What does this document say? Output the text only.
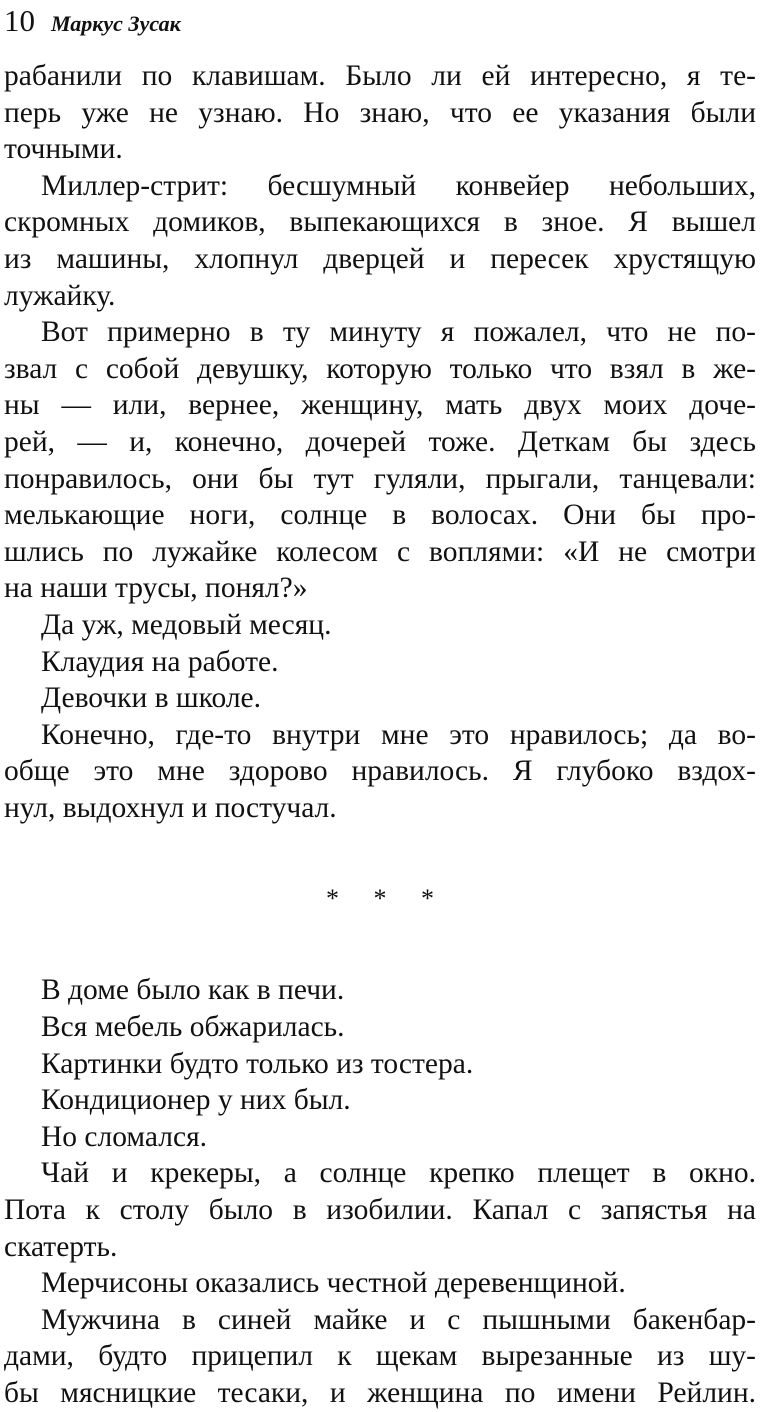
10 Маркус Зусак

рабанили по клавишам. Было ли ей интересно, я те-
перь уже не узнаю. Но знаю, что ее указания были
точными.

Миллер-стрит: бесшумный конвейер небольших,
скромных домиков, выпекающихся в зное. Я вышел
из машины, хлопнул дверцей и пересек хрустящую
лужайку.

Вот примерно в ту минуту я пожалел, что не по-
звал с собой девушку, которую только что взял в же-
ны — или, вернее, женщину, мать двух моих доче-
рей, — и, конечно, дочерей тоже. Деткам бы здесь
понравилось, они бы тут гуляли, прыгали, танцевали:
мелькающие ноги, солнце в волосах. Они бы про-
шлись по лужайке колесом с воплями: «И не смотри
на наши трусы, понял?»

Да уж, медовый месяц.

Клаудия на работе.

Девочки в школе.

Конечно, где-то внутри мне это нравилось; да во-
обще это мне здорово нравилось. Я глубоко вздох-
нул, выдохнул и постучал.

* * *

В доме было как в печи.

Вся мебель обжарилась.

Картинки будто только из тостера.

Кондиционер у них был.

Но сломался.

Чай и крекеры, а солнце крепко плещет в окно.
Пота к столу было в изобилии. Капал с запястья на
скатерть.

Мерчисоны оказались честной деревенщиной.

Мужчина в синей майке и с пышными бакенбар-
дами, будто прицепил к щекам вырезанные из шу-
бы мясницкие тесаки, и женщина по имени Рейлин.
